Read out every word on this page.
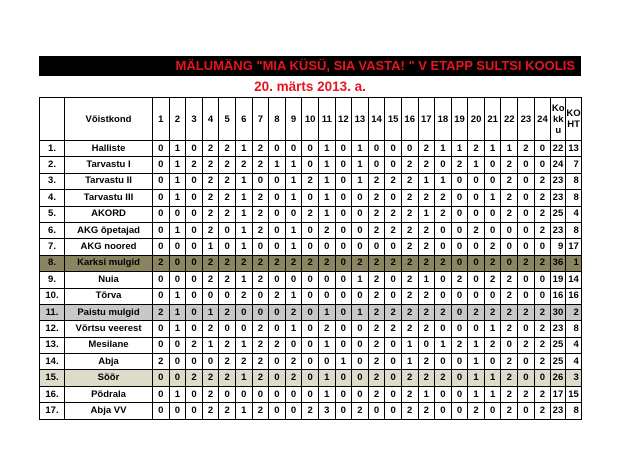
MÄLUMÄNG "MIA KÜSÜ, SIA VASTA! " V ETAPP SULTSI KOOLIS
20. märts 2013. a.
	Võistkond	1	2	3	4	5	6	7	8	9	10	11	12	13	14	15	16	17	18	19	20	21	22	23	24	Ko kk u	KO HT
1.	Halliste	0	1	0	2	2	1	2	0	0	0	1	0	1	0	0	0	2	1	1	2	1	1	2	0	22	13
2.	Tarvastu I	0	1	2	2	2	2	2	1	1	0	1	0	1	0	0	2	2	0	2	1	0	2	0	0	24	7
3.	Tarvastu II	0	1	0	2	2	1	0	0	1	2	1	0	1	2	2	2	1	1	0	0	0	2	0	2	23	8
4.	Tarvastu III	0	1	0	2	2	1	2	0	1	0	1	0	0	2	0	2	2	2	0	0	1	2	0	2	23	8
5.	AKORD	0	0	0	2	2	1	2	0	0	2	1	0	0	2	2	2	1	2	0	0	0	2	0	2	25	4
6.	AKG õpetajad	0	1	0	2	0	1	2	0	1	0	2	0	0	2	2	2	2	0	0	2	0	0	0	2	23	8
7.	AKG noored	0	0	0	1	0	1	0	0	1	0	0	0	0	0	0	2	2	0	0	0	2	0	0	0	9	17
8.	Karksi mulgid	2	0	0	2	2	2	2	2	2	2	2	0	2	2	2	2	2	2	0	0	2	0	2	2	36	1
9.	Nuia	0	0	0	2	2	1	2	0	0	0	0	0	1	2	0	2	1	0	2	0	2	2	0	0	19	14
10.	Tõrva	0	1	0	0	0	2	0	2	1	0	0	0	0	2	0	2	2	0	0	0	0	2	0	0	16	16
11.	Paistu mulgid	2	1	0	1	2	0	0	0	2	0	1	0	1	2	2	2	2	2	0	2	2	2	2	2	30	2
12.	Võrtsu veerest	0	1	0	2	0	0	2	0	1	0	2	0	0	2	2	2	2	0	0	0	1	2	0	2	23	8
13.	Mesilane	0	0	2	1	2	1	2	2	0	0	1	0	0	2	0	1	0	1	2	1	2	0	2	2	25	4
14.	Abja	2	0	0	0	2	2	2	0	2	0	0	1	0	2	0	1	2	0	0	1	0	2	0	2	25	4
15.	Sõõr	0	0	2	2	2	1	2	0	2	0	1	0	0	2	0	2	2	2	0	1	1	2	0	0	26	3
16.	Põdrala	0	1	0	2	0	0	0	0	0	0	1	0	0	2	0	2	1	0	0	1	1	2	2	2	17	15
17.	Abja VV	0	0	0	2	2	1	2	0	0	2	3	0	2	0	0	2	2	0	0	2	0	2	0	2	23	8
